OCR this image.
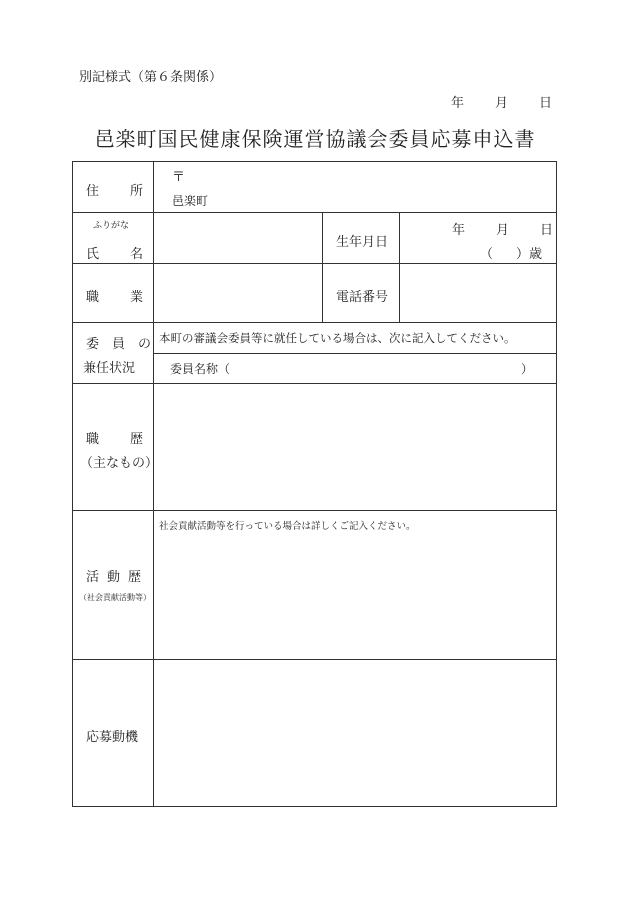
別記様式（第６条関係）
年 月 日
邑楽町国民健康保険運営協議会委員応募申込書
住 所
〒
邑楽町
ふりがな
氏 名
生年月日
年 月 日
（ ）歳
職 業	電話番号
委　員　の
兼任状況
本町の審議会委員等に就任している場合は、次に記入してください。
委員名称（	）
職 歴
（主なもの）
活 動 歴
（社会貢献活動等）
社会貢献活動等を行っている場合は詳しくご記入ください。
応募動機
